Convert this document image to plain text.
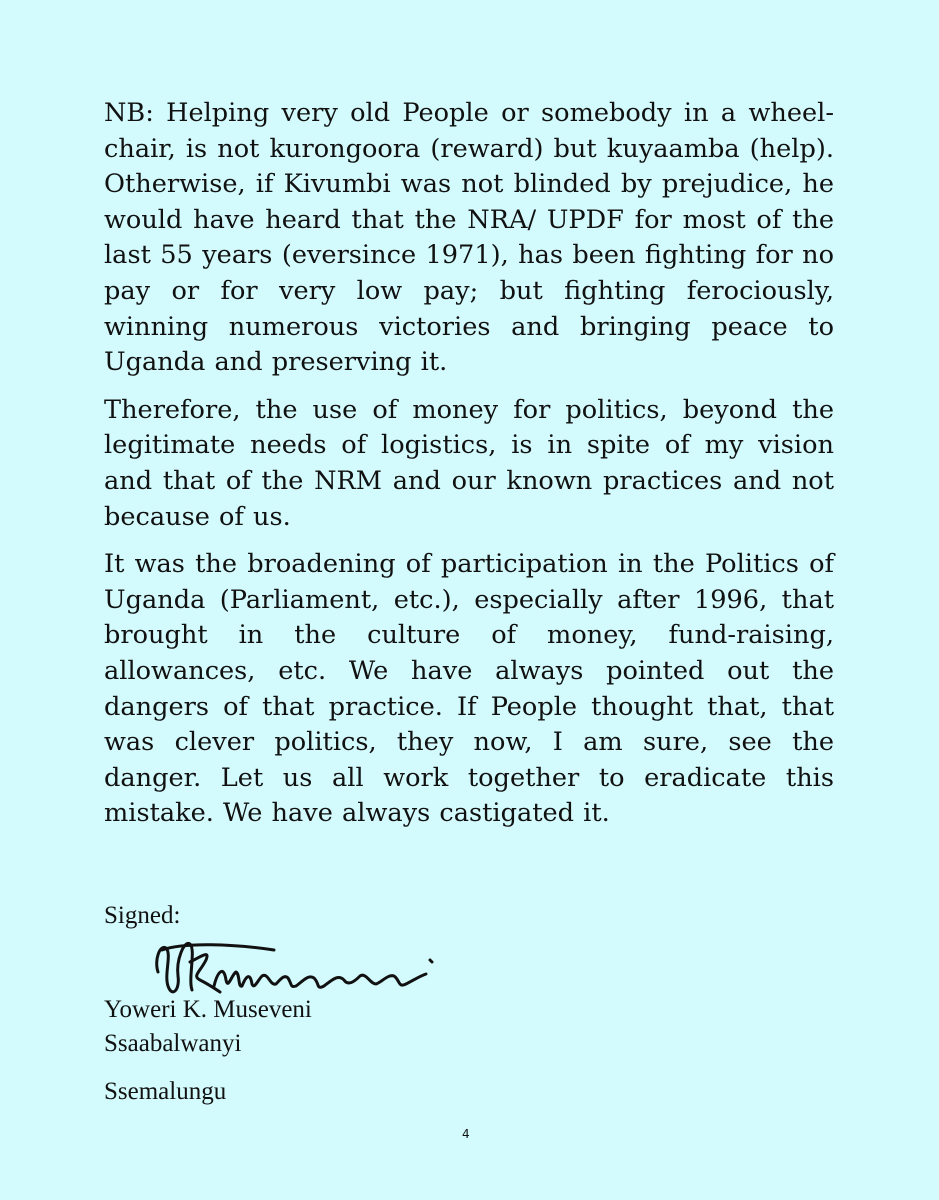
NB: Helping very old People or somebody in a wheel-chair, is not kurongoora (reward) but kuyaamba (help). Otherwise, if Kivumbi was not blinded by prejudice, he would have heard that the NRA/ UPDF for most of the last 55 years (eversince 1971), has been fighting for no pay or for very low pay; but fighting ferociously, winning numerous victories and bringing peace to Uganda and preserving it.

Therefore, the use of money for politics, beyond the legitimate needs of logistics, is in spite of my vision and that of the NRM and our known practices and not because of us.

It was the broadening of participation in the Politics of Uganda (Parliament, etc.), especially after 1996, that brought in the culture of money, fund-raising, allowances, etc. We have always pointed out the dangers of that practice. If People thought that, that was clever politics, they now, I am sure, see the danger. Let us all work together to eradicate this mistake. We have always castigated it.

Signed:
Yoweri K. Museveni
Ssaabalwanyi
Ssemalungu
4
